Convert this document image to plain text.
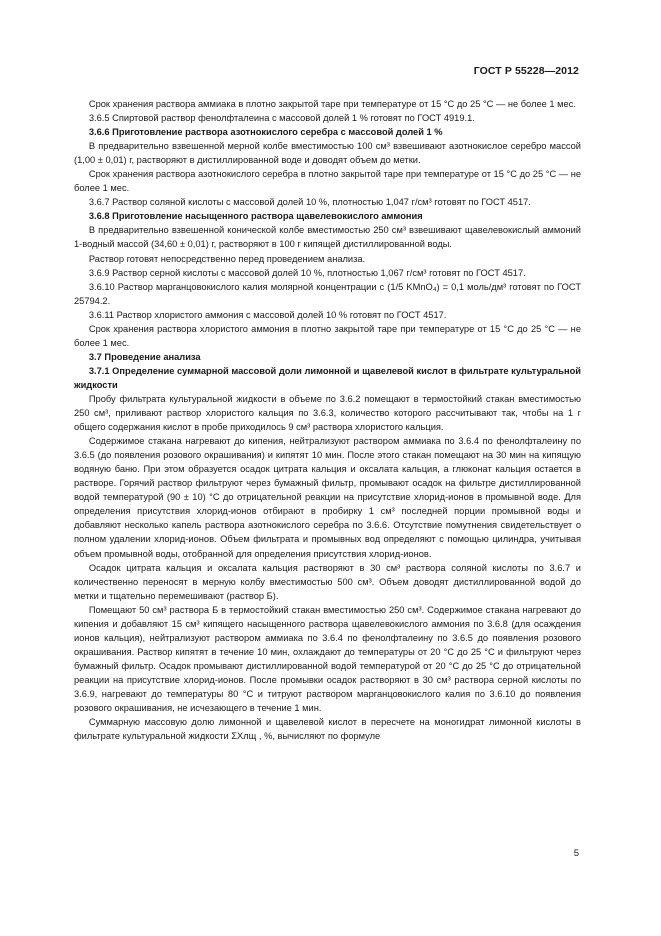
ГОСТ Р 55228—2012

Срок хранения раствора аммиака в плотно закрытой таре при температуре от 15 °С до 25 °С — не более 1 мес.

3.6.5 Спиртовой раствор фенолфталеина с массовой долей 1 % готовят по ГОСТ 4919.1.

3.6.6 Приготовление раствора азотнокислого серебра с массовой долей 1 %

В предварительно взвешенной мерной колбе вместимостью 100 см³ взвешивают азотнокислое серебро массой (1,00 ± 0,01) г, растворяют в дистиллированной воде и доводят объем до метки.

Срок хранения раствора азотнокислого серебра в плотно закрытой таре при температуре от 15 °С до 25 °С — не более 1 мес.

3.6.7 Раствор соляной кислоты с массовой долей 10 %, плотностью 1,047 г/см³ готовят по ГОСТ 4517.

3.6.8 Приготовление насыщенного раствора щавелевокислого аммония

В предварительно взвешенной конической колбе вместимостью 250 см³ взвешивают щавелевокислый аммоний 1-водный массой (34,60 ± 0,01) г, растворяют в 100 г кипящей дистиллированной воды.

Раствор готовят непосредственно перед проведением анализа.

3.6.9 Раствор серной кислоты с массовой долей 10 %, плотностью 1,067 г/см³ готовят по ГОСТ 4517.

3.6.10 Раствор марганцовокислого калия молярной концентрации с (1/5 KMnO₄) = 0,1 моль/дм³ готовят по ГОСТ 25794.2.

3.6.11 Раствор хлористого аммония с массовой долей 10 % готовят по ГОСТ 4517.

Срок хранения раствора хлористого аммония в плотно закрытой таре при температуре от 15 °С до 25 °С — не более 1 мес.

3.7 Проведение анализа

3.7.1 Определение суммарной массовой доли лимонной и щавелевой кислот в фильтрате культуральной жидкости

Пробу фильтрата культуральной жидкости в объеме по 3.6.2 помещают в термостойкий стакан вместимостью 250 см³, приливают раствор хлористого кальция по 3.6.3, количество которого рассчитывают так, чтобы на 1 г общего содержания кислот в пробе приходилось 9 см³ раствора хлористого кальция.

Содержимое стакана нагревают до кипения, нейтрализуют раствором аммиака по 3.6.4 по фенолфталеину по 3.6.5 (до появления розового окрашивания) и кипятят 10 мин. После этого стакан помещают на 30 мин на кипящую водяную баню. При этом образуется осадок цитрата кальция и оксалата кальция, а глюконат кальция остается в растворе. Горячий раствор фильтруют через бумажный фильтр, промывают осадок на фильтре дистиллированной водой температурой (90 ± 10) °С до отрицательной реакции на присутствие хлорид-ионов в промывной воде. Для определения присутствия хлорид-ионов отбирают в пробирку 1 см³ последней порции промывной воды и добавляют несколько капель раствора азотнокислого серебра по 3.6.6. Отсутствие помутнения свидетельствует о полном удалении хлорид-ионов. Объем фильтрата и промывных вод определяют с помощью цилиндра, учитывая объем промывной воды, отобранной для определения присутствия хлорид-ионов.

Осадок цитрата кальция и оксалата кальция растворяют в 30 см³ раствора соляной кислоты по 3.6.7 и количественно переносят в мерную колбу вместимостью 500 см³. Объем доводят дистиллированной водой до метки и тщательно перемешивают (раствор Б).

Помещают 50 см³ раствора Б в термостойкий стакан вместимостью 250 см³. Содержимое стакана нагревают до кипения и добавляют 15 см³ кипящего насыщенного раствора щавелевокислого аммония по 3.6.8 (для осаждения ионов кальция), нейтрализуют раствором аммиака по 3.6.4 по фенолфталеину по 3.6.5 до появления розового окрашивания. Раствор кипятят в течение 10 мин, охлаждают до температуры от 20 °С до 25 °С и фильтруют через бумажный фильтр. Осадок промывают дистиллированной водой температурой от 20 °С до 25 °С до отрицательной реакции на присутствие хлорид-ионов. После промывки осадок растворяют в 30 см³ раствора серной кислоты по 3.6.9, нагревают до температуры 80 °С и титруют раствором марганцовокислого калия по 3.6.10 до появления розового окрашивания, не исчезающего в течение 1 мин.

Суммарную массовую долю лимонной и щавелевой кислот в пересчете на моногидрат лимонной кислоты в фильтрате культуральной жидкости ΣXлщ , %, вычисляют по формуле

5
